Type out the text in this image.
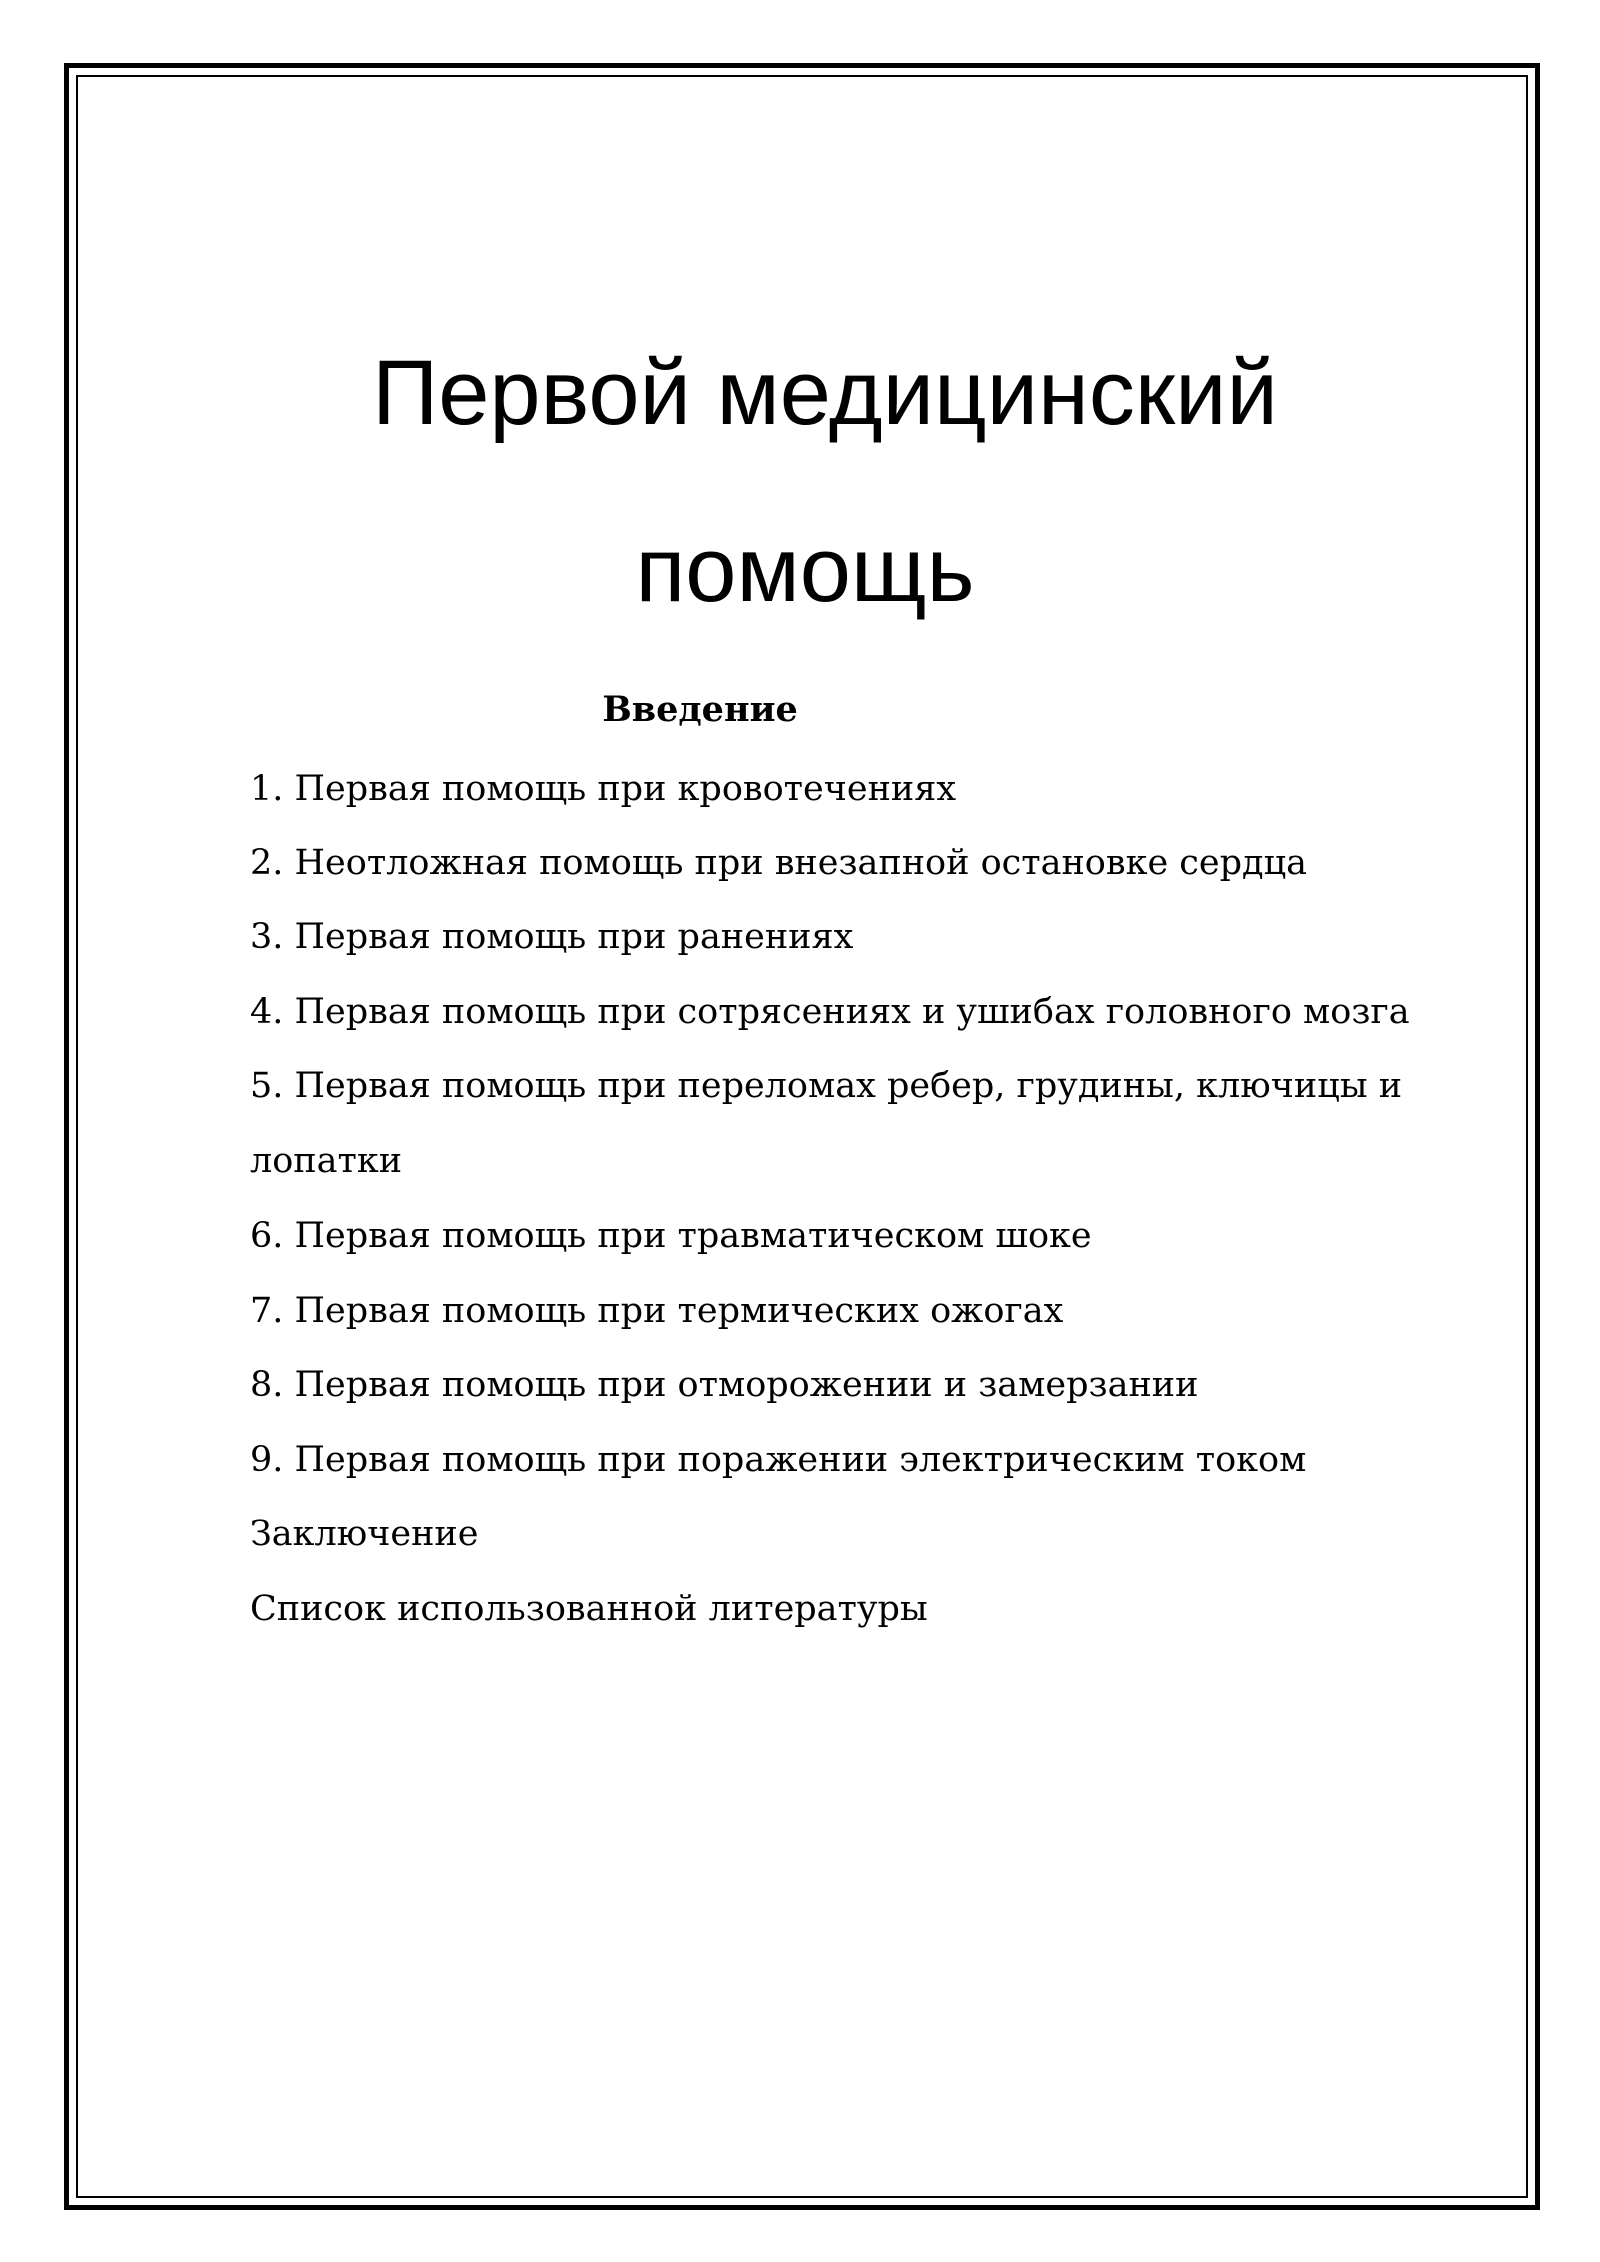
Первой медицинский
помощь
Введение
1. Первая помощь при кровотечениях
2. Неотложная помощь при внезапной остановке сердца
3. Первая помощь при ранениях
4. Первая помощь при сотрясениях и ушибах головного мозга
5. Первая помощь при переломах ребер, грудины, ключицы и
лопатки
6. Первая помощь при травматическом шоке
7. Первая помощь при термических ожогах
8. Первая помощь при отморожении и замерзании
9. Первая помощь при поражении электрическим током
Заключение
Список использованной литературы
